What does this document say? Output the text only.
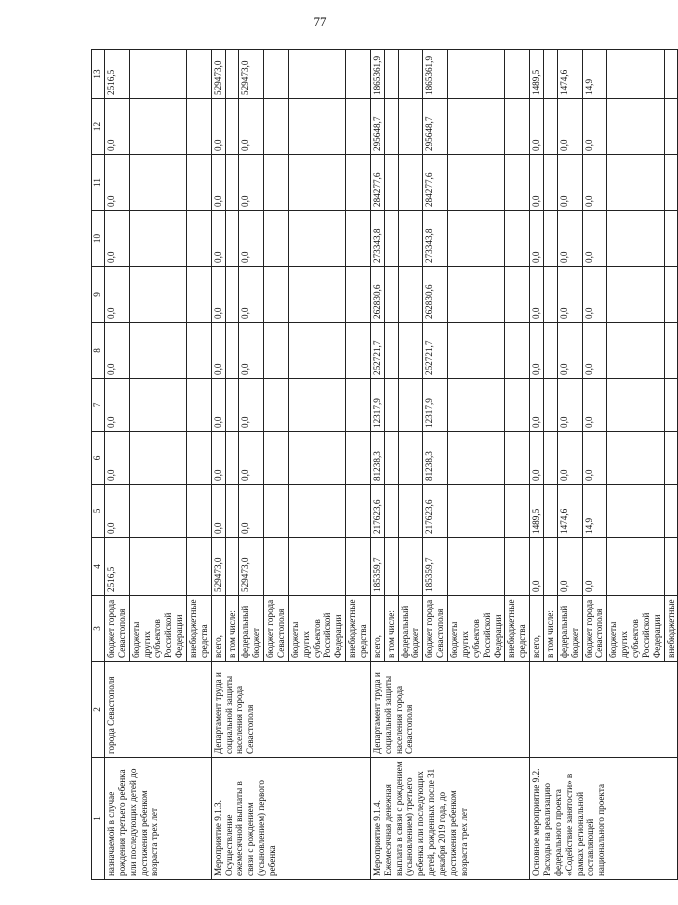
77
1	2	3	4	5	6	7	8	9	10	11	12	13
назначаемой в случае рождения третьего ребенка или последующих детей до достижения ребенком возраста трех лет	города Севастополя	бюджет города Севастополя	2516,5	0,0	0,0	0,0	0,0	0,0	0,0	0,0	0,0	2516,5
		бюджеты других субъектов Российской Федерации										
		внебюджетные средства										
Мероприятие 9.1.3. Осуществление ежемесячной выплаты в связи с рождением (усыновлением) первого ребенка	Департамент труда и социальной защиты населения города Севастополя	всего,	529473,0	0,0	0,0	0,0	0,0	0,0	0,0	0,0	0,0	529473,0
		в том числе:										
		федеральный бюджет	529473,0	0,0	0,0	0,0	0,0	0,0	0,0	0,0	0,0	529473,0
		бюджет города Севастополя										
		бюджеты других субъектов Российской Федерации										
		внебюджетные средства										
Мероприятие 9.1.4. Ежемесячная денежная выплата в связи с рождением (усыновлением) третьего ребенка или последующих детей, рожденных после 31 декабря 2019 года, до достижения ребенком возраста трех лет	Департамент труда и социальной защиты населения города Севастополя	всего,	185359,7	217623,6	81238,3	12317,9	252721,7	262830,6	273343,8	284277,6	295648,7	1865361,9
		в том числе:										
		федеральный бюджет										
		бюджет города Севастополя	185359,7	217623,6	81238,3	12317,9	252721,7	262830,6	273343,8	284277,6	295648,7	1865361,9
		бюджеты других субъектов Российской Федерации										
		внебюджетные средства										
Основное мероприятие 9.2. Расходы на реализацию федерального проекта «Содействие занятости» в рамках региональной составляющей национального проекта		всего,	0,0	1489,5	0,0	0,0	0,0	0,0	0,0	0,0	0,0	1489,5
		в том числе:										
		федеральный бюджет	0,0	1474,6	0,0	0,0	0,0	0,0	0,0	0,0	0,0	1474,6
		бюджет города Севастополя	0,0	14,9	0,0	0,0	0,0	0,0	0,0	0,0	0,0	14,9
		бюджеты других субъектов Российской Федерации										
		внебюджетные										
